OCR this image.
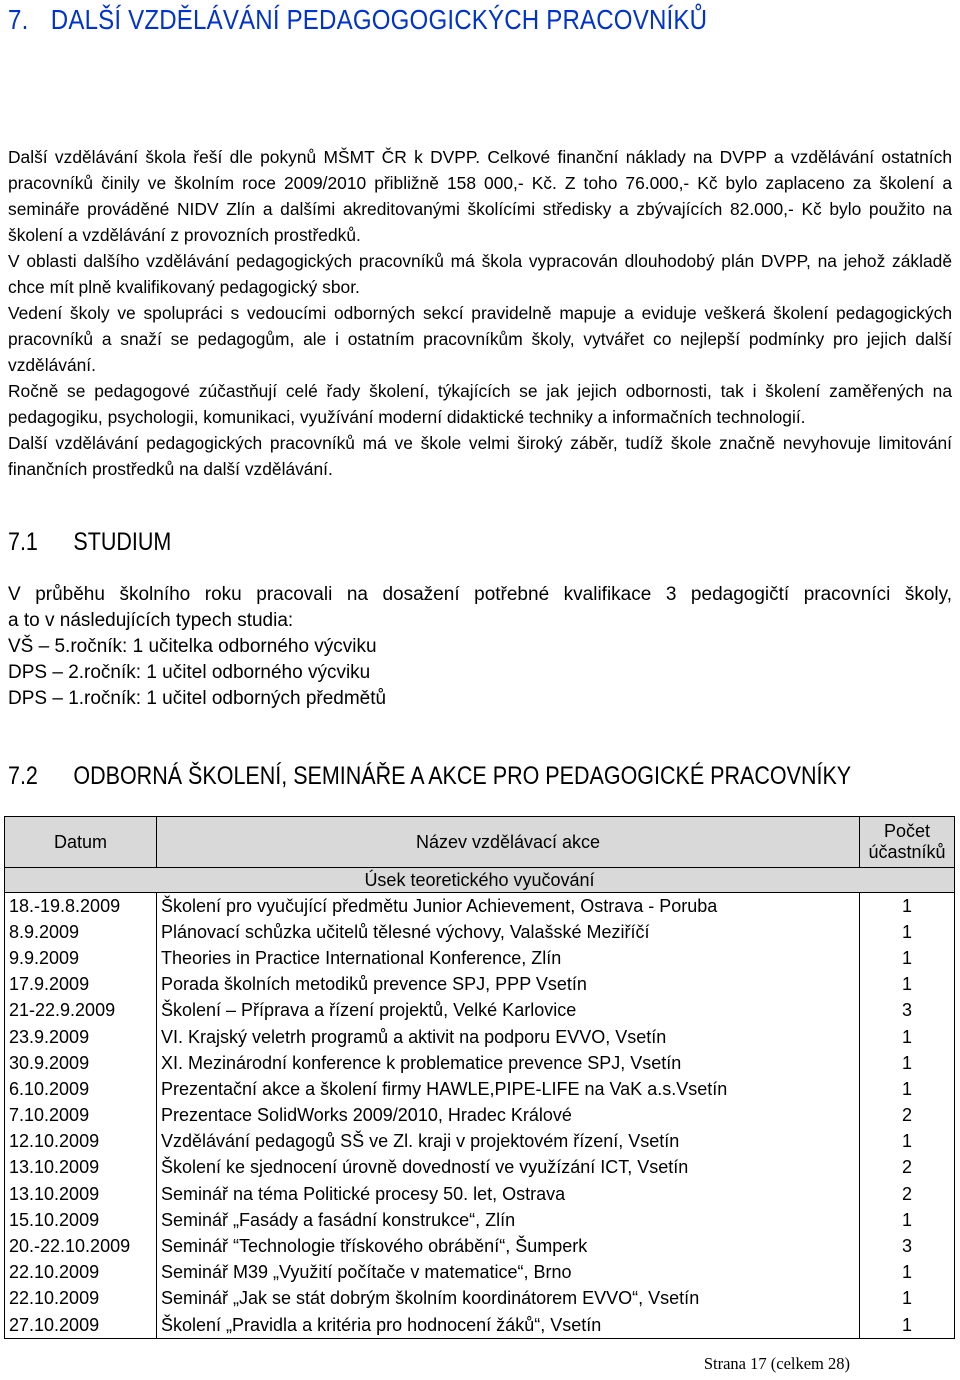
7. DALŠÍ VZDĚLÁVÁNÍ PEDAGOGOGICKÝCH PRACOVNÍKŮ

Další vzdělávání škola řeší dle pokynů MŠMT ČR k DVPP. Celkové finanční náklady na DVPP a vzdělávání ostatních pracovníků činily ve školním roce 2009/2010 přibližně 158 000,- Kč. Z toho 76.000,- Kč bylo zaplaceno za školení a semináře prováděné NIDV Zlín a dalšími akreditovanými školícími středisky a zbývajících 82.000,- Kč bylo použito na školení a vzdělávání z provozních prostředků.

V oblasti dalšího vzdělávání pedagogických pracovníků má škola vypracován dlouhodobý plán DVPP, na jehož základě chce mít plně kvalifikovaný pedagogický sbor.

Vedení školy ve spolupráci s vedoucími odborných sekcí pravidelně mapuje a eviduje veškerá školení pedagogických pracovníků a snaží se pedagogům, ale i ostatním pracovníkům školy, vytvářet co nejlepší podmínky pro jejich další vzdělávání.

Ročně se pedagogové zúčastňují celé řady školení, týkajících se jak jejich odbornosti, tak i školení zaměřených na pedagogiku, psychologii, komunikaci, využívání moderní didaktické techniky a informačních technologií.

Další vzdělávání pedagogických pracovníků má ve škole velmi široký záběr, tudíž škole značně nevyhovuje limitování finančních prostředků na další vzdělávání.

7.1 STUDIUM

V průběhu školního roku pracovali na dosažení potřebné kvalifikace 3 pedagogičtí pracovníci školy,

a to v následujících typech studia:

VŠ – 5.ročník: 1 učitelka odborného výcviku

DPS – 2.ročník: 1 učitel odborného výcviku

DPS – 1.ročník: 1 učitel odborných předmětů

7.2 ODBORNÁ ŠKOLENÍ, SEMINÁŘE A AKCE PRO PEDAGOGICKÉ PRACOVNÍKY
Datum	Název vzdělávací akce	Počet
účastníků
Úsek teoretického vyučování		
18.-19.8.2009	Školení pro vyučující předmětu Junior Achievement, Ostrava - Poruba	1
8.9.2009	Plánovací schůzka učitelů tělesné výchovy, Valašské Meziříčí	1
9.9.2009	Theories in Practice International Konference, Zlín	1
17.9.2009	Porada školních metodiků prevence SPJ, PPP Vsetín	1
21-22.9.2009	Školení – Příprava a řízení projektů, Velké Karlovice	3
23.9.2009	VI. Krajský veletrh programů a aktivit na podporu EVVO, Vsetín	1
30.9.2009	XI. Mezinárodní konference k problematice prevence SPJ, Vsetín	1
6.10.2009	Prezentační akce a školení firmy HAWLE,PIPE-LIFE na VaK a.s.Vsetín	1
7.10.2009	Prezentace SolidWorks 2009/2010, Hradec Králové	2
12.10.2009	Vzdělávání pedagogů SŠ ve Zl. kraji v projektovém řízení, Vsetín	1
13.10.2009	Školení ke sjednocení úrovně dovedností ve využízání ICT, Vsetín	2
13.10.2009	Seminář na téma Politické procesy 50. let, Ostrava	2
15.10.2009	Seminář „Fasády a fasádní konstrukce“, Zlín	1
20.-22.10.2009	Seminář “Technologie třískového obrábění“, Šumperk	3
22.10.2009	Seminář M39 „Využití počítače v matematice“, Brno	1
22.10.2009	Seminář „Jak se stát dobrým školním koordinátorem EVVO“, Vsetín	1
27.10.2009	Školení „Pravidla a kritéria pro hodnocení žáků“, Vsetín	1
Strana 17 (celkem 28)
